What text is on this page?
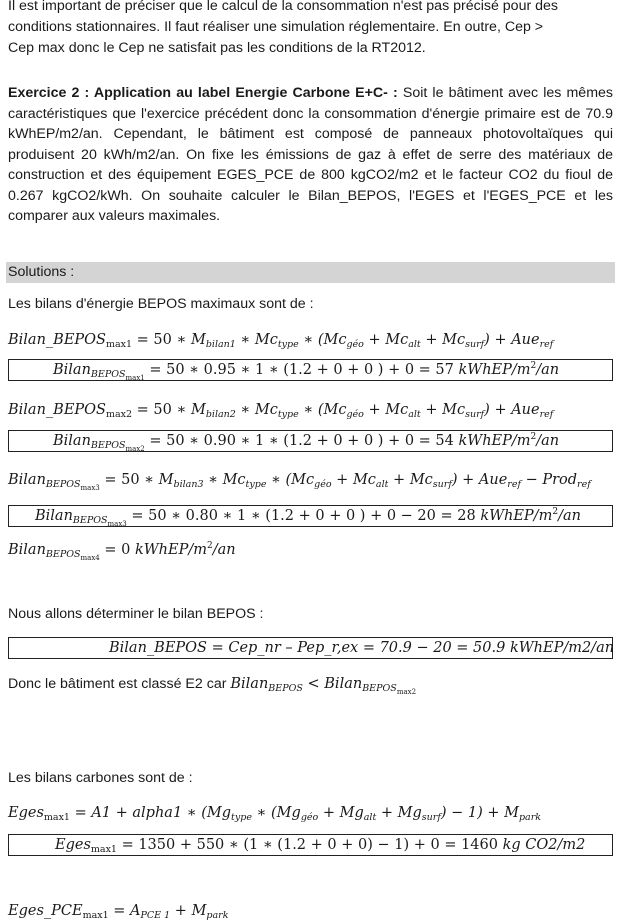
Il est important de préciser que le calcul de la consommation n'est pas précisé pour des
conditions stationnaires. Il faut réaliser une simulation réglementaire. En outre, Cep >
Cep max donc le Cep ne satisfait pas les conditions de la RT2012.
Exercice 2 : Application au label Energie Carbone E+C- : Soit le bâtiment avec les mêmes caractéristiques que l'exercice précédent donc la consommation d'énergie primaire est de 70.9 kWhEP/m2/an. Cependant, le bâtiment est composé de panneaux photovoltaïques qui produisent 20 kWh/m2/an. On fixe les émissions de gaz à effet de serre des matériaux de construction et des équipement EGES_PCE de 800 kgCO2/m2 et le facteur CO2 du fioul de 0.267 kgCO2/kWh. On souhaite calculer le Bilan_BEPOS, l'EGES et l'EGES_PCE et les comparer aux valeurs maximales.
Solutions :
Les bilans d'énergie BEPOS maximaux sont de :
$Bilan\_BEPOS_{max1} = 50$ ∗ $M_{bilan1}$ ∗ $Mc_{type}$ ∗ $(Mc_{géo} + Mc_{alt} + Mc_{surf}) + Aue_{ref}$
Bilan$_{BEPOS_{max1}}$ = 50 ∗ 0.95 ∗ 1 ∗ (1.2 + 0 + 0 ) + 0 = 57 kWhEP/$m^2/an$
$Bilan\_BEPOS_{max2} = 50$ ∗ $M_{bilan2}$ ∗ $Mc_{type}$ ∗ $(Mc_{géo} + Mc_{alt} + Mc_{surf}) + Aue_{ref}$
Bilan$_{BEPOS_{max2}}$ = 50 ∗ 0.90 ∗ 1 ∗ (1.2 + 0 + 0 ) + 0 = 54 kWhEP/$m^2/an$
Bilan$_{BEPOS_{max3}}$ = 50 ∗ $M_{bilan3}$ ∗ $Mc_{type}$ ∗ $(Mc_{géo} + Mc_{alt} + Mc_{surf}) + Aue_{ref}$ − Prod$_{ref}$
Bilan$_{BEPOS_{max3}}$ = 50 ∗ 0.80 ∗ 1 ∗ (1.2 + 0 + 0 ) + 0 − 20 = 28 kWhEP/$m^2/an$
Bilan$_{BEPOS_{max4}}$ = 0 kWhEP/$m^2/an$
Nous allons déterminer le bilan BEPOS :
Bilan_BEPOS = Cep_nr – Pep_r,ex = 70.9 − 20 = 50.9 kWhEP/m2/an
Donc le bâtiment est classé E2 car Bilan$_{BEPOS}$ < Bilan$_{BEPOS_{max2}}$
Les bilans carbones sont de :
Eges$_{max1}$ = A1 + alpha1 ∗ ($Mg_{type}$ ∗ $(Mg_{géo} + Mg_{alt} + Mg_{surf}) - 1) + M_{park}$
Eges$_{max1}$ = 1350 + 550 ∗ (1 ∗ (1.2 + 0 + 0) − 1) + 0 = 1460 kg CO2/m2
$Eges\_PCE_{max1} = A_{PCE 1} + M_{park}$
